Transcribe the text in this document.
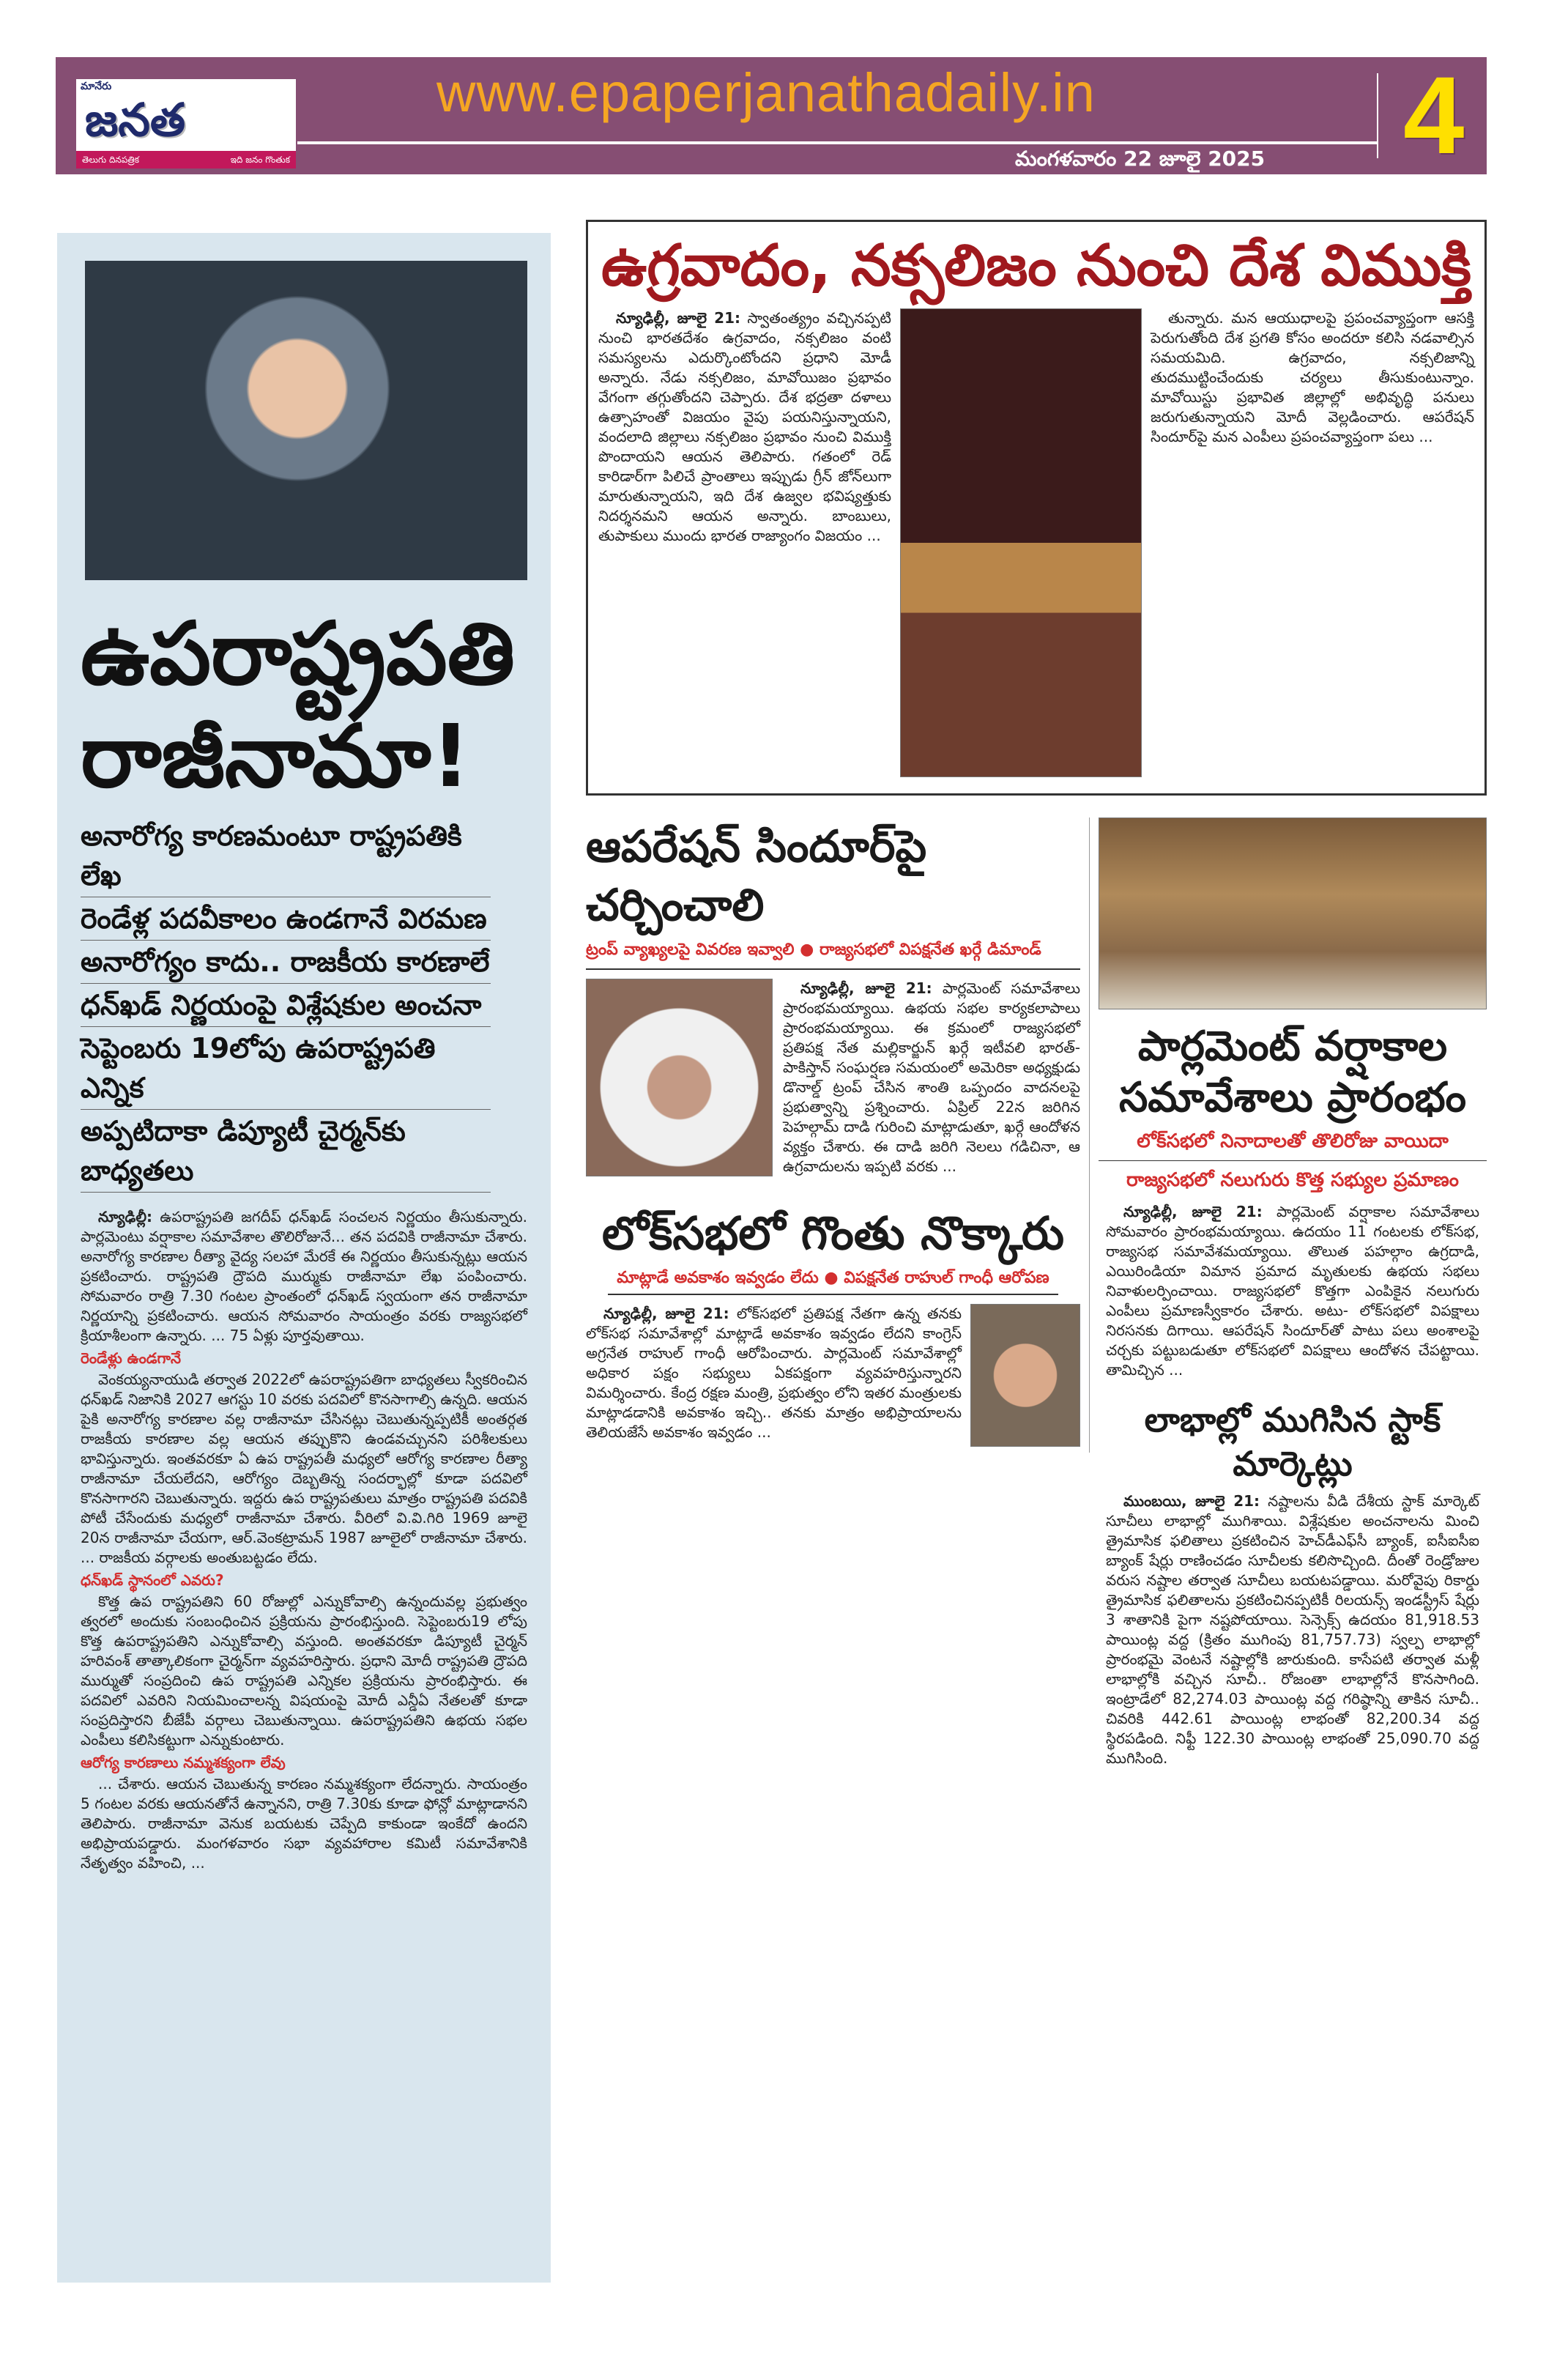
మానేరు
జనత
తెలుగు దినపత్రిక	ఇది జనం గొంతుక
www.epaperjanathadaily.in
మంగళవారం 22 జూలై 2025 4
ఉపరాష్ట్రపతి
రాజీనామా!
అనారోగ్య కారణమంటూ రాష్ట్రపతికి లేఖ
రెండేళ్ల పదవీకాలం ఉండగానే విరమణ
అనారోగ్యం కాదు.. రాజకీయ కారణాలే
ధన్‌ఖడ్ నిర్ణయంపై విశ్లేషకుల అంచనా
సెప్టెంబరు 19లోపు ఉపరాష్ట్రపతి ఎన్నిక
అప్పటిదాకా డిప్యూటీ చైర్మన్‌కు బాధ్యతలు

న్యూఢిల్లీ: ఉపరాష్ట్రపతి జగదీప్ ధన్‌ఖడ్ సంచలన నిర్ణయం తీసుకున్నారు. పార్లమెంటు వర్షాకాల సమావేశాల తొలిరోజునే... తన పదవికి రాజీనామా చేశారు. అనారోగ్య కారణాల రీత్యా వైద్య సలహా మేరకే ఈ నిర్ణయం తీసుకున్నట్లు ఆయన ప్రకటించారు. రాష్ట్రపతి ద్రౌపది ముర్ముకు రాజీనామా లేఖ పంపించారు. సోమవారం రాత్రి 7.30 గంటల ప్రాంతంలో ధన్‌ఖడ్ స్వయంగా తన రాజీనామా నిర్ణయాన్ని ప్రకటించారు. ఆయన సోమవారం సాయంత్రం వరకు రాజ్యసభలో క్రియాశీలంగా ఉన్నారు. ... 75 ఏళ్లు పూర్తవుతాయి.

రెండేళ్లు ఉండగానే

వెంకయ్యనాయుడి తర్వాత 2022లో ఉపరాష్ట్రపతిగా బాధ్యతలు స్వీకరించిన ధన్‌ఖడ్ నిజానికి 2027 ఆగస్టు 10 వరకు పదవిలో కొనసాగాల్సి ఉన్నది. ఆయన పైకి అనారోగ్య కారణాల వల్ల రాజీనామా చేసినట్లు చెబుతున్నప్పటికీ అంతర్గత రాజకీయ కారణాల వల్ల ఆయన తప్పుకొని ఉండవచ్చునని పరిశీలకులు భావిస్తున్నారు. ఇంతవరకూ ఏ ఉప రాష్ట్రపతీ మధ్యలో ఆరోగ్య కారణాల రీత్యా రాజీనామా చేయలేదని, ఆరోగ్యం దెబ్బతిన్న సందర్భాల్లో కూడా పదవిలో కొనసాగారని చెబుతున్నారు. ఇద్దరు ఉప రాష్ట్రపతులు మాత్రం రాష్ట్రపతి పదవికి పోటీ చేసేందుకు మధ్యలో రాజీనామా చేశారు. వీరిలో వి.వి.గిరి 1969 జూలై 20న రాజీనామా చేయగా, ఆర్.వెంకట్రామన్ 1987 జూలైలో రాజీనామా చేశారు. ... రాజకీయ వర్గాలకు అంతుబట్టడం లేదు.

ధన్‌ఖడ్ స్థానంలో ఎవరు?

కొత్త ఉప రాష్ట్రపతిని 60 రోజుల్లో ఎన్నుకోవాల్సి ఉన్నందువల్ల ప్రభుత్వం త్వరలో అందుకు సంబంధించిన ప్రక్రియను ప్రారంభిస్తుంది. సెప్టెంబరు19 లోపు కొత్త ఉపరాష్ట్రపతిని ఎన్నుకోవాల్సి వస్తుంది. అంతవరకూ డిప్యూటీ చైర్మన్ హరివంశ్ తాత్కాలికంగా చైర్మన్‌గా వ్యవహరిస్తారు. ప్రధాని మోదీ రాష్ట్రపతి ద్రౌపది ముర్ముతో సంప్రదించి ఉప రాష్ట్రపతి ఎన్నికల ప్రక్రియను ప్రారంభిస్తారు. ఈ పదవిలో ఎవరిని నియమించాలన్న విషయంపై మోదీ ఎన్డీఏ నేతలతో కూడా సంప్రదిస్తారని బీజేపీ వర్గాలు చెబుతున్నాయి. ఉపరాష్ట్రపతిని ఉభయ సభల ఎంపీలు కలిసికట్టుగా ఎన్నుకుంటారు.

ఆరోగ్య కారణాలు నమ్మశక్యంగా లేవు

... చేశారు. ఆయన చెబుతున్న కారణం నమ్మశక్యంగా లేదన్నారు. సాయంత్రం 5 గంటల వరకు ఆయనతోనే ఉన్నానని, రాత్రి 7.30కు కూడా ఫోన్లో మాట్లాడానని తెలిపారు. రాజీనామా వెనుక బయటకు చెప్పేది కాకుండా ఇంకేదో ఉందని అభిప్రాయపడ్డారు. మంగళవారం సభా వ్యవహారాల కమిటీ సమావేశానికి నేతృత్వం వహించి, ...

ఉగ్రవాదం, నక్సలిజం నుంచి దేశ విముక్తి

న్యూఢిల్లీ, జూలై 21: స్వాతంత్య్రం వచ్చినప్పటి నుంచి భారతదేశం ఉగ్రవాదం, నక్సలిజం వంటి సమస్యలను ఎదుర్కొంటోందని ప్రధాని మోడీ అన్నారు. నేడు నక్సలిజం, మావోయిజం ప్రభావం వేగంగా తగ్గుతోందని చెప్పారు. దేశ భద్రతా దళాలు ఉత్సాహంతో విజయం వైపు పయనిస్తున్నాయని, వందలాది జిల్లాలు నక్సలిజం ప్రభావం నుంచి విముక్తి పొందాయని ఆయన తెలిపారు. గతంలో రెడ్ కారిడార్‌గా పిలిచే ప్రాంతాలు ఇప్పుడు గ్రీన్ జోన్‌లుగా మారుతున్నాయని, ఇది దేశ ఉజ్వల భవిష్యత్తుకు నిదర్శనమని ఆయన అన్నారు. బాంబులు, తుపాకులు ముందు భారత రాజ్యాంగం విజయం ...

తున్నారు. మన ఆయుధాలపై ప్రపంచవ్యాప్తంగా ఆసక్తి పెరుగుతోంది దేశ ప్రగతి కోసం అందరూ కలిసి నడవాల్సిన సమయమిది. ఉగ్రవాదం, నక్సలిజాన్ని తుదముట్టించేందుకు చర్యలు తీసుకుంటున్నాం. మావోయిస్టు ప్రభావిత జిల్లాల్లో అభివృద్ధి పనులు జరుగుతున్నాయని మోదీ వెల్లడించారు. ఆపరేషన్ సిందూర్‌పై మన ఎంపీలు ప్రపంచవ్యాప్తంగా పలు ...

ఆపరేషన్ సిందూర్‌పై చర్చించాలి
ట్రంప్ వ్యాఖ్యలపై వివరణ ఇవ్వాలి ● రాజ్యసభలో విపక్షనేత ఖర్గే డిమాండ్

న్యూఢిల్లీ, జూలై 21: పార్లమెంట్ సమావేశాలు ప్రారంభమయ్యాయి. ఉభయ సభల కార్యకలాపాలు ప్రారంభమయ్యాయి. ఈ క్రమంలో రాజ్యసభలో ప్రతిపక్ష నేత మల్లికార్జున్ ఖర్గే ఇటీవలి భారత్-పాకిస్తాన్ సంఘర్షణ సమయంలో అమెరికా అధ్యక్షుడు డొనాల్డ్ ట్రంప్ చేసిన శాంతి ఒప్పందం వాదనలపై ప్రభుత్వాన్ని ప్రశ్నించారు. ఏప్రిల్ 22న జరిగిన పెహల్గామ్ దాడి గురించి మాట్లాడుతూ, ఖర్గే ఆందోళన వ్యక్తం చేశారు. ఈ దాడి జరిగి నెలలు గడిచినా, ఆ ఉగ్రవాదులను ఇప్పటి వరకు ...

లోక్‌సభలో గొంతు నొక్కారు
మాట్లాడే అవకాశం ఇవ్వడం లేదు ● విపక్షనేత రాహుల్ గాంధీ ఆరోపణ

న్యూఢిల్లీ, జూలై 21: లోక్‌సభలో ప్రతిపక్ష నేతగా ఉన్న తనకు లోక్‌సభ సమావేశాల్లో మాట్లాడే అవకాశం ఇవ్వడం లేదని కాంగ్రెస్ అగ్రనేత రాహుల్ గాంధీ ఆరోపించారు. పార్లమెంట్ సమావేశాల్లో అధికార పక్షం సభ్యులు ఏకపక్షంగా వ్యవహరిస్తున్నారని విమర్శించారు. కేంద్ర రక్షణ మంత్రి, ప్రభుత్వం లోని ఇతర మంత్రులకు మాట్లాడడానికి అవకాశం ఇచ్చి.. తనకు మాత్రం అభిప్రాయాలను తెలియజేసే అవకాశం ఇవ్వడం ...

పార్లమెంట్ వర్షాకాల సమావేశాలు ప్రారంభం
లోక్‌సభలో నినాదాలతో తొలిరోజు వాయిదా
రాజ్యసభలో నలుగురు కొత్త సభ్యుల ప్రమాణం

న్యూఢిల్లీ, జూలై 21: పార్లమెంట్ వర్షాకాల సమావేశాలు సోమవారం ప్రారంభమయ్యాయి. ఉదయం 11 గంటలకు లోక్‌సభ, రాజ్యసభ సమావేశమయ్యాయి. తొలుత పహల్గాం ఉగ్రదాడి, ఎయిరిండియా విమాన ప్రమాద మృతులకు ఉభయ సభలు నివాళులర్పించాయి. రాజ్యసభలో కొత్తగా ఎంపికైన నలుగురు ఎంపీలు ప్రమాణస్వీకారం చేశారు. అటు- లోక్‌సభలో విపక్షాలు నిరసనకు దిగాయి. ఆపరేషన్ సిందూర్‌తో పాటు పలు అంశాలపై చర్చకు పట్టుబడుతూ లోక్‌సభలో విపక్షాలు ఆందోళన చేపట్టాయి. తామిచ్చిన ...

లాభాల్లో ముగిసిన స్టాక్ మార్కెట్లు

ముంబయి, జూలై 21: నష్టాలను వీడి దేశీయ స్టాక్ మార్కెట్ సూచీలు లాభాల్లో ముగిశాయి. విశ్లేషకుల అంచనాలను మించి త్రైమాసిక ఫలితాలు ప్రకటించిన హెచ్‌డీఎఫ్‌సీ బ్యాంక్, ఐసీఐసీఐ బ్యాంక్ షేర్లు రాణించడం సూచీలకు కలిసొచ్చింది. దీంతో రెండ్రోజుల వరుస నష్టాల తర్వాత సూచీలు బయటపడ్డాయి. మరోవైపు రికార్డు త్రైమాసిక ఫలితాలను ప్రకటించినప్పటికీ రిలయన్స్ ఇండస్ట్రీస్ షేర్లు 3 శాతానికి పైగా నష్టపోయాయి. సెన్సెక్స్ ఉదయం 81,918.53 పాయింట్ల వద్ద (క్రితం ముగింపు 81,757.73) స్వల్ప లాభాల్లో ప్రారంభమై వెంటనే నష్టాల్లోకి జారుకుంది. కాసేపటి తర్వాత మళ్లీ లాభాల్లోకి వచ్చిన సూచీ.. రోజంతా లాభాల్లోనే కొనసాగింది. ఇంట్రాడేలో 82,274.03 పాయింట్ల వద్ద గరిష్ఠాన్ని తాకిన సూచీ.. చివరికి 442.61 పాయింట్ల లాభంతో 82,200.34 వద్ద స్థిరపడింది. నిఫ్టీ 122.30 పాయింట్ల లాభంతో 25,090.70 వద్ద ముగిసింది.
